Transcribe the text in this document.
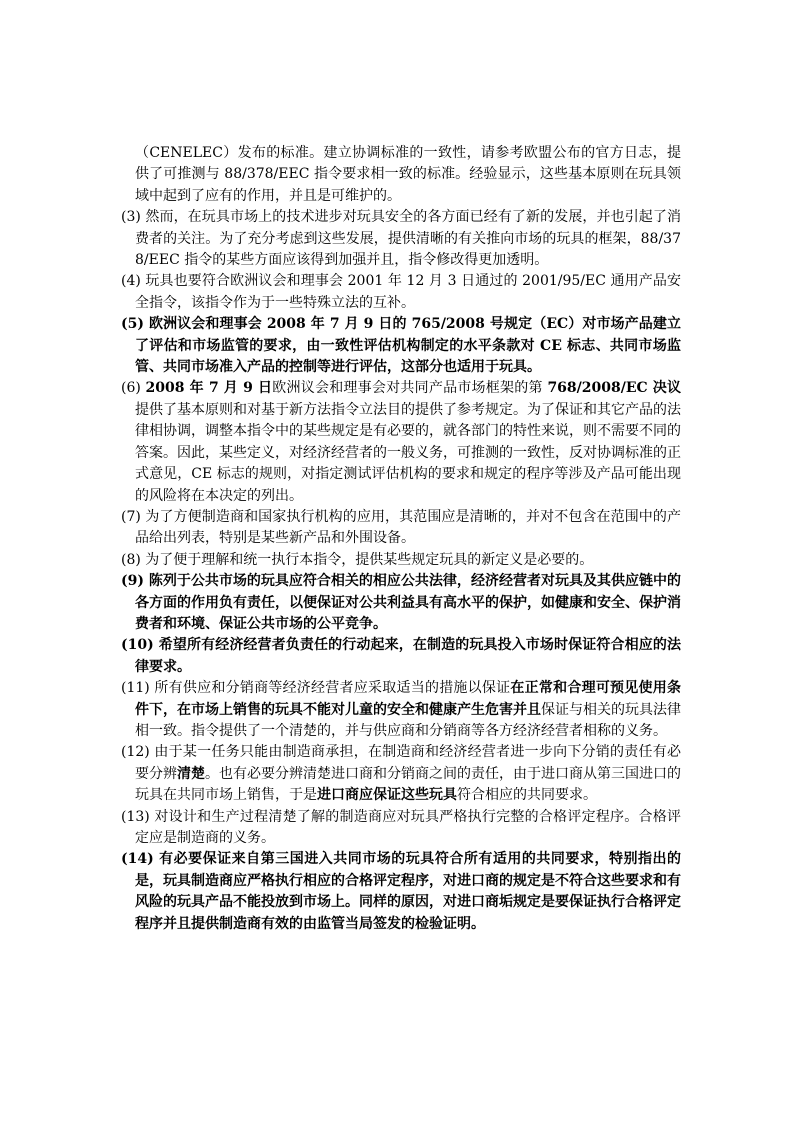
（CENELEC）发布的标准。建立协调标准的一致性，请参考欧盟公布的官方日志，提供了可推测与 88/378/EEC 指令要求相一致的标准。经验显示，这些基本原则在玩具领域中起到了应有的作用，并且是可维护的。

(3) 然而，在玩具市场上的技术进步对玩具安全的各方面已经有了新的发展，并也引起了消费者的关注。为了充分考虑到这些发展，提供清晰的有关推向市场的玩具的框架，88/378/EEC 指令的某些方面应该得到加强并且，指令修改得更加透明。

(4) 玩具也要符合欧洲议会和理事会 2001 年 12 月 3 日通过的 2001/95/EC 通用产品安全指令，该指令作为于一些特殊立法的互补。

(5) 欧洲议会和理事会 2008 年 7 月 9 日的 765/2008 号规定（EC）对市场产品建立了评估和市场监管的要求，由一致性评估机构制定的水平条款对 CE 标志、共同市场监管、共同市场准入产品的控制等进行评估，这部分也适用于玩具。

(6) 2008 年 7 月 9 日欧洲议会和理事会对共同产品市场框架的第 768/2008/EC 决议提供了基本原则和对基于新方法指令立法目的提供了参考规定。为了保证和其它产品的法律相协调，调整本指令中的某些规定是有必要的，就各部门的特性来说，则不需要不同的答案。因此，某些定义，对经济经营者的一般义务，可推测的一致性，反对协调标准的正式意见，CE 标志的规则，对指定测试评估机构的要求和规定的程序等涉及产品可能出现的风险将在本决定的列出。

(7) 为了方便制造商和国家执行机构的应用，其范围应是清晰的，并对不包含在范围中的产品给出列表，特别是某些新产品和外围设备。

(8) 为了便于理解和统一执行本指令，提供某些规定玩具的新定义是必要的。

(9) 陈列于公共市场的玩具应符合相关的相应公共法律，经济经营者对玩具及其供应链中的各方面的作用负有责任，以便保证对公共利益具有高水平的保护，如健康和安全、保护消费者和环境、保证公共市场的公平竞争。

(10) 希望所有经济经营者负责任的行动起来，在制造的玩具投入市场时保证符合相应的法律要求。

(11) 所有供应和分销商等经济经营者应采取适当的措施以保证在正常和合理可预见使用条件下，在市场上销售的玩具不能对儿童的安全和健康产生危害并且保证与相关的玩具法律相一致。指令提供了一个清楚的，并与供应商和分销商等各方经济经营者相称的义务。

(12) 由于某一任务只能由制造商承担，在制造商和经济经营者进一步向下分销的责任有必要分辨清楚。也有必要分辨清楚进口商和分销商之间的责任，由于进口商从第三国进口的玩具在共同市场上销售，于是进口商应保证这些玩具符合相应的共同要求。

(13) 对设计和生产过程清楚了解的制造商应对玩具严格执行完整的合格评定程序。合格评定应是制造商的义务。

(14) 有必要保证来自第三国进入共同市场的玩具符合所有适用的共同要求，特别指出的是，玩具制造商应严格执行相应的合格评定程序，对进口商的规定是不符合这些要求和有风险的玩具产品不能投放到市场上。同样的原因，对进口商垢规定是要保证执行合格评定程序并且提供制造商有效的由监管当局签发的检验证明。
